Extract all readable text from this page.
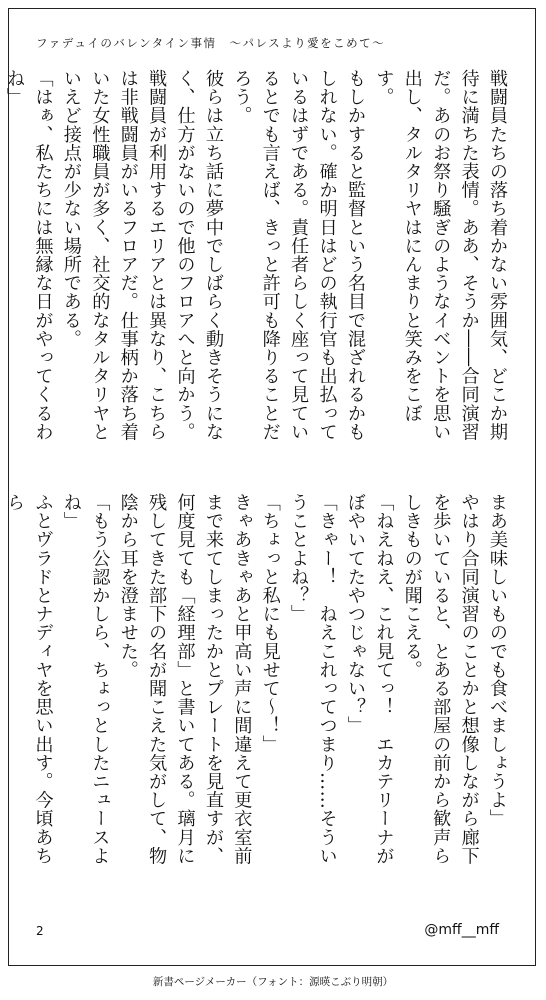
ファデュイのバレンタイン事情　～パレスより愛をこめて～

戦闘員たちの落ち着かない雰囲気、どこか期待に満ちた表情。ああ、そうか――合同演習だ。あのお祭り騒ぎのようなイベントを思い出し、タルタリヤはにんまりと笑みをこぼす。

もしかすると監督という名目で混ざれるかもしれない。確か明日はどの執行官も出払っているはずである。責任者らしく座って見ているとでも言えば、きっと許可も降りることだろう。

彼らは立ち話に夢中でしばらく動きそうになく、仕方がないので他のフロアへと向かう。戦闘員が利用するエリアとは異なり、こちらは非戦闘員がいるフロアだ。仕事柄か落ち着いた女性職員が多く、社交的なタルタリヤといえど接点が少ない場所である。

「はぁ、私たちには無縁な日がやってくるわね」

まあ美味しいものでも食べましょうよ」

やはり合同演習のことかと想像しながら廊下を歩いていると、とある部屋の前から歓声らしきものが聞こえる。

「ねえねえ、これ見てっ！　エカテリーナがぼやいてたやつじゃない？」

「きゃー！　ねえこれってつまり……そういうことよね？」

「ちょっと私にも見せて～！」

きゃあきゃあと甲高い声に間違えて更衣室前まで来てしまったかとプレートを見直すが、何度見ても「経理部」と書いてある。璃月に残してきた部下の名が聞こえた気がして、物陰から耳を澄ませた。

「もう公認かしら、ちょっとしたニュースよね」

ふとヴラドとナディヤを思い出す。今頃あちら

2	@mff__mff
新書ページメーカー（フォント：源暎こぶり明朝）
